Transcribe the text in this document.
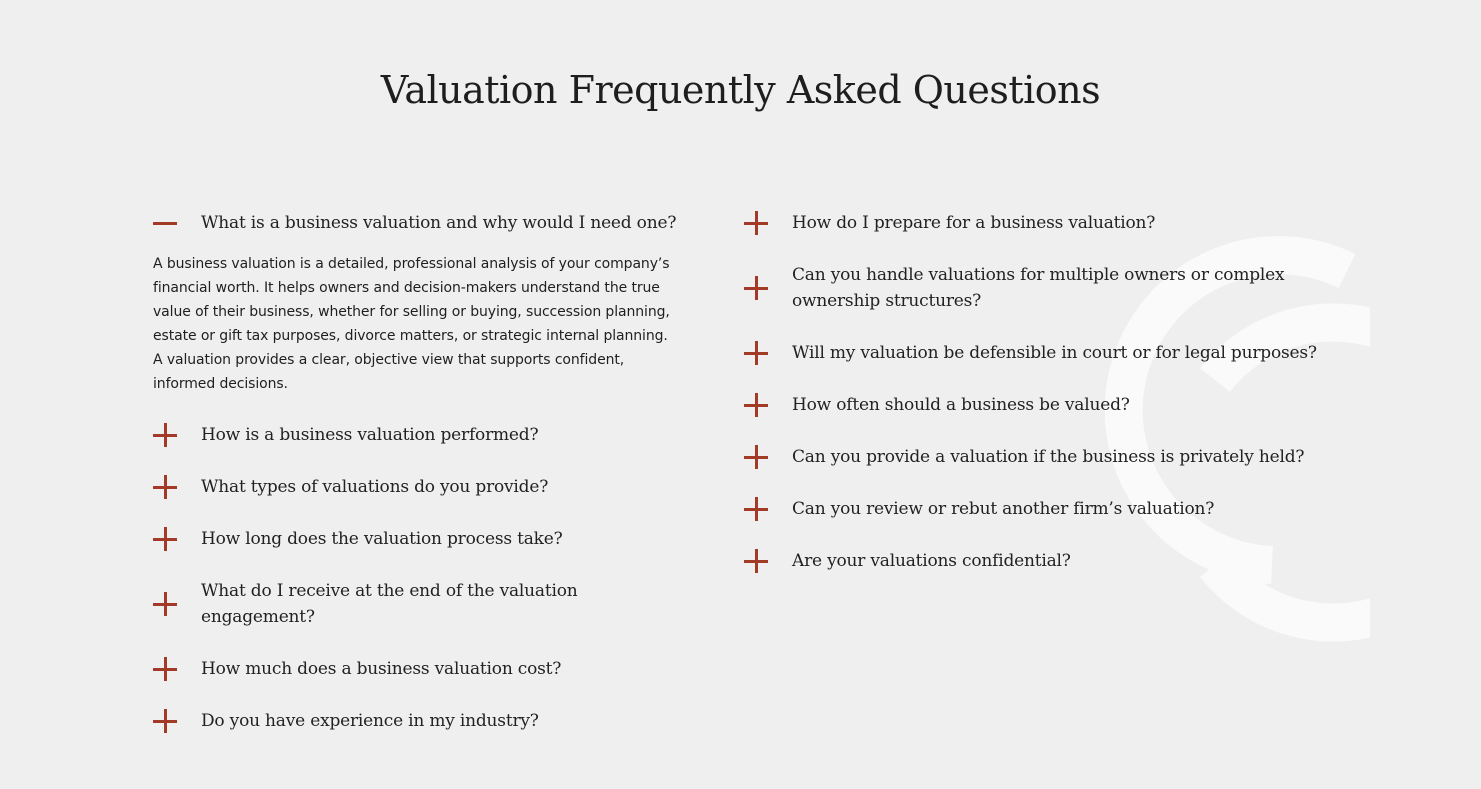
Valuation Frequently Asked Questions
What is a business valuation and why would I need one?
A business valuation is a detailed, professional analysis of your company’s financial worth. It helps owners and decision-makers understand the true value of their business, whether for selling or buying, succession planning, estate or gift tax purposes, divorce matters, or strategic internal planning. A valuation provides a clear, objective view that supports confident, informed decisions.
How is a business valuation performed?
What types of valuations do you provide?
How long does the valuation process take?
What do I receive at the end of the valuation engagement?
How much does a business valuation cost?
Do you have experience in my industry?
How do I prepare for a business valuation?
Can you handle valuations for multiple owners or complex ownership structures?
Will my valuation be defensible in court or for legal purposes?
How often should a business be valued?
Can you provide a valuation if the business is privately held?
Can you review or rebut another firm’s valuation?
Are your valuations confidential?
